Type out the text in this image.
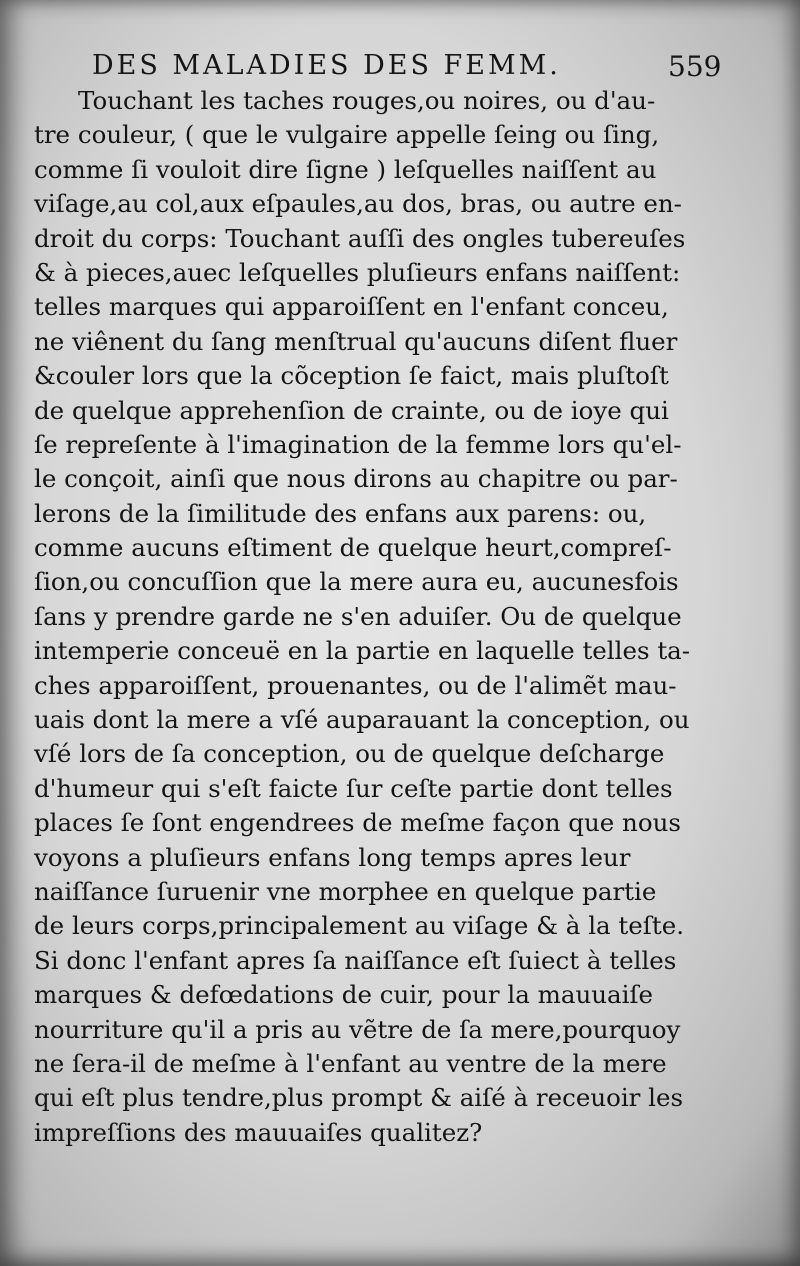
DES MALADIES DES FEMM.	559
Touchant les taches rouges,ou noires, ou d'au-
tre couleur, ( que le vulgaire appelle ſeing ou ſing,
comme ſi vouloit dire ſigne ) leſquelles naiſſent au
viſage,au col,aux eſpaules,au dos, bras, ou autre en-
droit du corps: Touchant auſſi des ongles tubereuſes
& à pieces,auec leſquelles pluſieurs enfans naiſſent:
telles marques qui apparoiſſent en l'enfant conceu,
ne viênent du ſang menſtrual qu'aucuns diſent fluer
&couler lors que la cõception ſe faict, mais pluſtoſt
de quelque apprehenſion de crainte, ou de ioye qui
ſe repreſente à l'imagination de la femme lors qu'el-
le conçoit, ainſi que nous dirons au chapitre ou par-
lerons de la ſimilitude des enfans aux parens: ou,
comme aucuns eſtiment de quelque heurt,compreſ-
ſion,ou concuſſion que la mere aura eu, aucunesfois
ſans y prendre garde ne s'en aduiſer. Ou de quelque
intemperie conceuë en la partie en laquelle telles ta-
ches apparoiſſent, prouenantes, ou de l'alimẽt mau-
uais dont la mere a vſé auparauant la conception, ou
vſé lors de ſa conception, ou de quelque deſcharge
d'humeur qui s'eſt faicte ſur ceſte partie dont telles
places ſe ſont engendrees de meſme façon que nous
voyons a pluſieurs enfans long temps apres leur
naiſſance ſuruenir vne morphee en quelque partie
de leurs corps,principalement au viſage & à la teſte.
Si donc l'enfant apres ſa naiſſance eſt ſuiect à telles
marques & defœdations de cuir, pour la mauuaiſe
nourriture qu'il a pris au vẽtre de ſa mere,pourquoy
ne ſera-il de meſme à l'enfant au ventre de la mere
qui eſt plus tendre,plus prompt & aiſé à receuoir les
impreſſions des mauuaiſes qualitez?
